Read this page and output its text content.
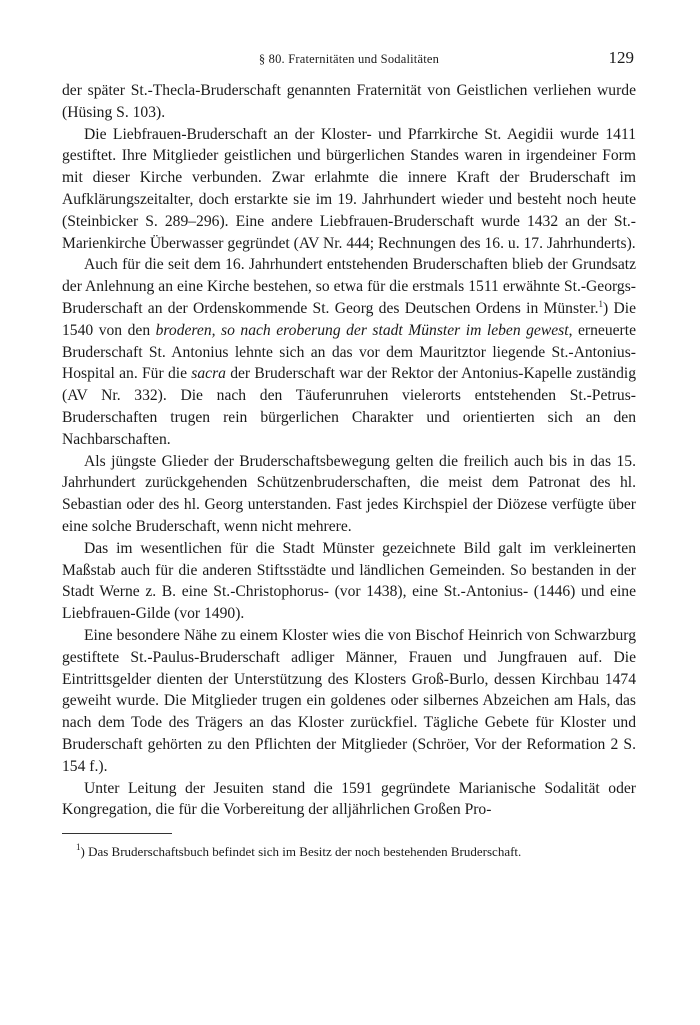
§ 80. Fraternitäten und Sodalitäten	129

der später St.-Thecla-Bruderschaft genannten Fraternität von Geistlichen verliehen wurde (Hüsing S. 103).

Die Liebfrauen-Bruderschaft an der Kloster- und Pfarrkirche St. Aegidii wurde 1411 gestiftet. Ihre Mitglieder geistlichen und bürgerlichen Standes waren in irgendeiner Form mit dieser Kirche verbunden. Zwar erlahmte die innere Kraft der Bruderschaft im Aufklärungszeitalter, doch erstarkte sie im 19. Jahrhundert wieder und besteht noch heute (Steinbicker S. 289–296). Eine andere Liebfrauen-Bruderschaft wurde 1432 an der St.-Marienkirche Überwasser gegründet (AV Nr. 444; Rechnungen des 16. u. 17. Jahrhunderts).

Auch für die seit dem 16. Jahrhundert entstehenden Bruderschaften blieb der Grundsatz der Anlehnung an eine Kirche bestehen, so etwa für die erstmals 1511 erwähnte St.-Georgs-Bruderschaft an der Ordenskommende St. Georg des Deutschen Ordens in Münster.$^1$) Die 1540 von den broderen, so nach eroberung der stadt Münster im leben gewest, erneuerte Bruderschaft St. Antonius lehnte sich an das vor dem Mauritztor liegende St.-Antonius-Hospital an. Für die sacra der Bruderschaft war der Rektor der Antonius-Kapelle zuständig (AV Nr. 332). Die nach den Täuferunruhen vielerorts entstehenden St.-Petrus-Bruderschaften trugen rein bürgerlichen Charakter und orientierten sich an den Nachbarschaften.

Als jüngste Glieder der Bruderschaftsbewegung gelten die freilich auch bis in das 15. Jahrhundert zurückgehenden Schützenbruderschaften, die meist dem Patronat des hl. Sebastian oder des hl. Georg unterstanden. Fast jedes Kirchspiel der Diözese verfügte über eine solche Bruderschaft, wenn nicht mehrere.

Das im wesentlichen für die Stadt Münster gezeichnete Bild galt im verkleinerten Maßstab auch für die anderen Stiftsstädte und ländlichen Gemeinden. So bestanden in der Stadt Werne z. B. eine St.-Christophorus- (vor 1438), eine St.-Antonius- (1446) und eine Liebfrauen-Gilde (vor 1490).

Eine besondere Nähe zu einem Kloster wies die von Bischof Heinrich von Schwarzburg gestiftete St.-Paulus-Bruderschaft adliger Männer, Frauen und Jungfrauen auf. Die Eintrittsgelder dienten der Unterstützung des Klosters Groß-Burlo, dessen Kirchbau 1474 geweiht wurde. Die Mitglieder trugen ein goldenes oder silbernes Abzeichen am Hals, das nach dem Tode des Trägers an das Kloster zurückfiel. Tägliche Gebete für Kloster und Bruderschaft gehörten zu den Pflichten der Mitglieder (Schröer, Vor der Reformation 2 S. 154 f.).

Unter Leitung der Jesuiten stand die 1591 gegründete Marianische Sodalität oder Kongregation, die für die Vorbereitung der alljährlichen Großen Pro-

$^1$) Das Bruderschaftsbuch befindet sich im Besitz der noch bestehenden Bruderschaft.
